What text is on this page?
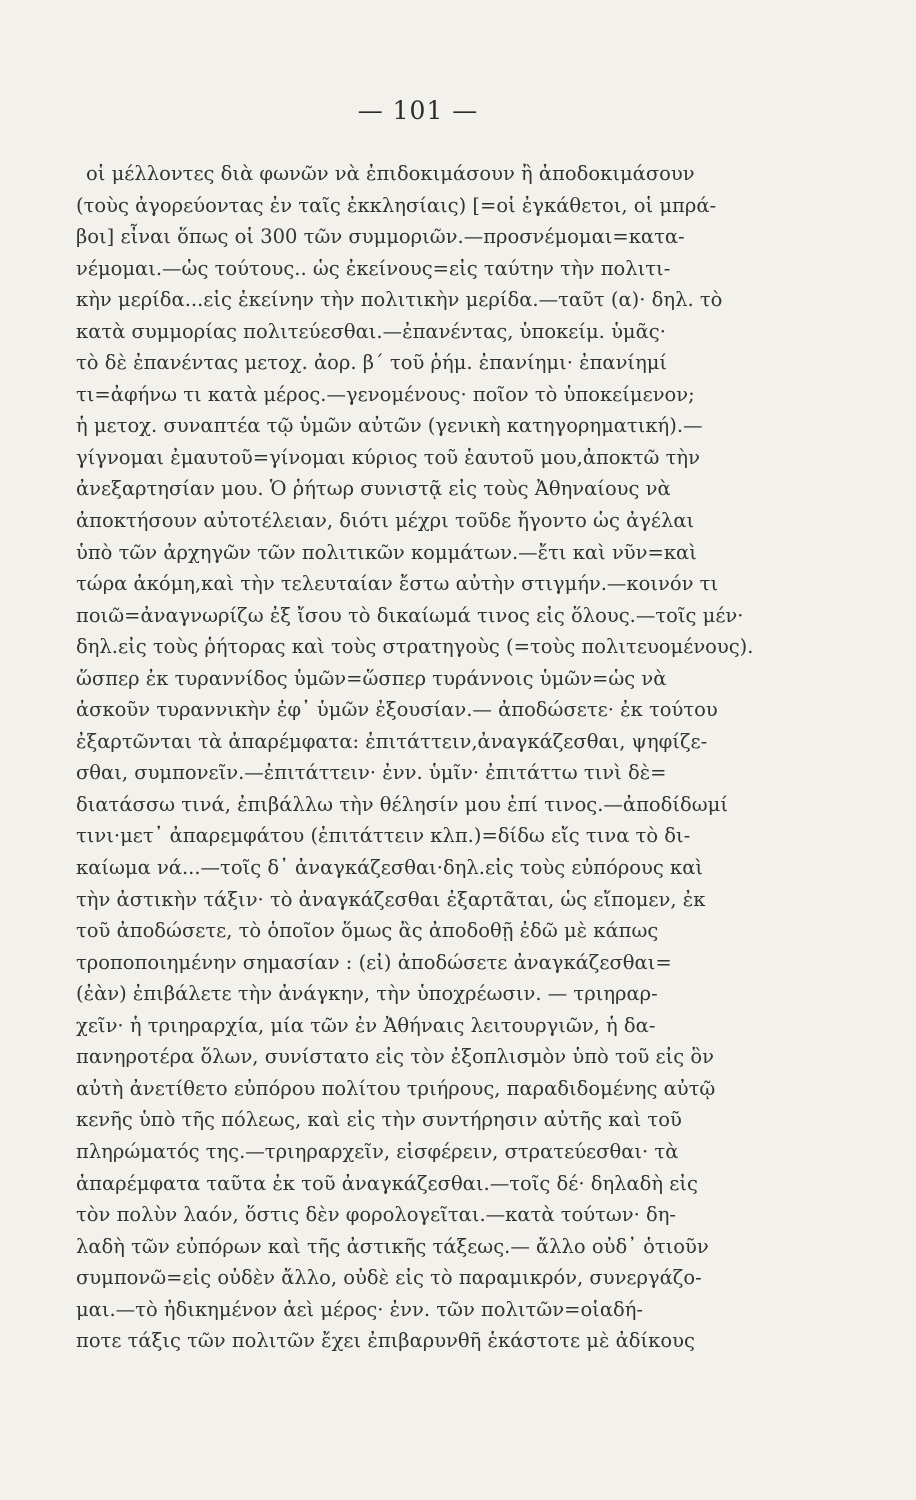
— 101 —
οἱ μέλλοντες διὰ φωνῶν νὰ ἐπιδοκιμάσουν ἢ ἀποδοκιμάσουν
(τοὺς ἀγορεύοντας ἐν ταῖς ἐκκλησίαις) [=οἱ ἐγκάθετοι, οἱ μπρά-
βοι] εἶναι ὅπως οἱ 300 τῶν συμμοριῶν.—προσνέμομαι=κατα-
νέμομαι.—ὡς τούτους.. ὡς ἐκείνους=εἰς ταύτην τὴν πολιτι-
κὴν μερίδα...εἰς ἐκείνην τὴν πολιτικὴν μερίδα.—ταῦτ (α)· δηλ. τὸ
κατὰ συμμορίας πολιτεύεσθαι.—ἐπανέντας, ὑποκείμ. ὑμᾶς·
τὸ δὲ ἐπανέντας μετοχ. ἀορ. β΄ τοῦ ῥήμ. ἐπανίημι· ἐπανίημί
τι=ἀφήνω τι κατὰ μέρος.—γενομένους· ποῖον τὸ ὑποκείμενον;
ἡ μετοχ. συναπτέα τῷ ὑμῶν αὐτῶν (γενικὴ κατηγορηματική).—
γίγνομαι ἐμαυτοῦ=γίνομαι κύριος τοῦ ἑαυτοῦ μου,ἀποκτῶ τὴν
ἀνεξαρτησίαν μου. Ὁ ῥήτωρ συνιστᾷ εἰς τοὺς Ἀθηναίους νὰ
ἀποκτήσουν αὐτοτέλειαν, διότι μέχρι τοῦδε ἤγοντο ὡς ἀγέλαι
ὑπὸ τῶν ἀρχηγῶν τῶν πολιτικῶν κομμάτων.—ἔτι καὶ νῦν=καὶ
τώρα ἀκόμη,καὶ τὴν τελευταίαν ἔστω αὐτὴν στιγμήν.—κοινόν τι
ποιῶ=ἀναγνωρίζω ἐξ ἴσου τὸ δικαίωμά τινος εἰς ὅλους.—τοῖς μέν·
δηλ.εἰς τοὺς ῥήτορας καὶ τοὺς στρατηγοὺς (=τοὺς πολιτευομένους).
ὥσπερ ἐκ τυραννίδος ὑμῶν=ὥσπερ τυράννοις ὑμῶν=ὡς νὰ
ἀσκοῦν τυραννικὴν ἐφ᾽ ὑμῶν ἐξουσίαν.— ἀποδώσετε· ἐκ τούτου
ἐξαρτῶνται τὰ ἀπαρέμφατα: ἐπιτάττειν,ἀναγκάζεσθαι, ψηφίζε-
σθαι, συμπονεῖν.—ἐπιτάττειν· ἐνν. ὑμῖν· ἐπιτάττω τινὶ δὲ=
διατάσσω τινά, ἐπιβάλλω τὴν θέλησίν μου ἐπί τινος.—ἀποδίδωμί
τινι·μετ᾽ ἀπαρεμφάτου (ἐπιτάττειν κλπ.)=δίδω εἴς τινα τὸ δι-
καίωμα νά...—τοῖς δ᾽ ἀναγκάζεσθαι·δηλ.εἰς τοὺς εὐπόρους καὶ
τὴν ἀστικὴν τάξιν· τὸ ἀναγκάζεσθαι ἐξαρτᾶται, ὡς εἴπομεν, ἐκ
τοῦ ἀποδώσετε, τὸ ὁποῖον ὅμως ἂς ἀποδοθῇ ἐδῶ μὲ κάπως
τροποποιημένην σημασίαν : (εἰ) ἀποδώσετε ἀναγκάζεσθαι=
(ἐὰν) ἐπιβάλετε τὴν ἀνάγκην, τὴν ὑποχρέωσιν. — τριηραρ-
χεῖν· ἡ τριηραρχία, μία τῶν ἐν Ἀθήναις λειτουργιῶν, ἡ δα-
πανηροτέρα ὅλων, συνίστατο εἰς τὸν ἐξοπλισμὸν ὑπὸ τοῦ εἰς ὃν
αὐτὴ ἀνετίθετο εὐπόρου πολίτου τριήρους, παραδιδομένης αὐτῷ
κενῆς ὑπὸ τῆς πόλεως, καὶ εἰς τὴν συντήρησιν αὐτῆς καὶ τοῦ
πληρώματός της.—τριηραρχεῖν, εἰσφέρειν, στρατεύεσθαι· τὰ
ἀπαρέμφατα ταῦτα ἐκ τοῦ ἀναγκάζεσθαι.—τοῖς δέ· δηλαδὴ εἰς
τὸν πολὺν λαόν, ὅστις δὲν φορολογεῖται.—κατὰ τούτων· δη-
λαδὴ τῶν εὐπόρων καὶ τῆς ἀστικῆς τάξεως.— ἄλλο οὐδ᾽ ὁτιοῦν
συμπονῶ=εἰς οὐδὲν ἄλλο, οὐδὲ εἰς τὸ παραμικρόν, συνεργάζο-
μαι.—τὸ ἠδικημένον ἀεὶ μέρος· ἐνν. τῶν πολιτῶν=οἱαδή-
ποτε τάξις τῶν πολιτῶν ἔχει ἐπιβαρυνθῆ ἑκάστοτε μὲ ἀδίκους
